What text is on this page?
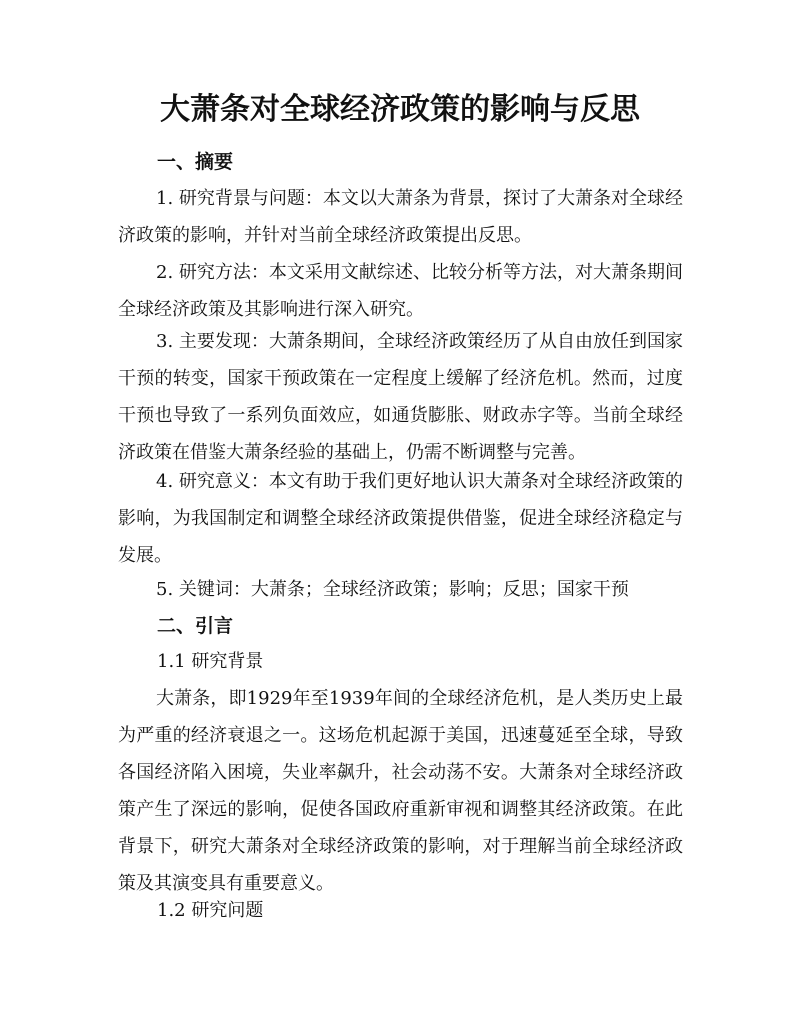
大萧条对全球经济政策的影响与反思
一、摘要

1. 研究背景与问题：本文以大萧条为背景，探讨了大萧条对全球经济政策的影响，并针对当前全球经济政策提出反思。

2. 研究方法：本文采用文献综述、比较分析等方法，对大萧条期间全球经济政策及其影响进行深入研究。

3. 主要发现：大萧条期间，全球经济政策经历了从自由放任到国家干预的转变，国家干预政策在一定程度上缓解了经济危机。然而，过度干预也导致了一系列负面效应，如通货膨胀、财政赤字等。当前全球经济政策在借鉴大萧条经验的基础上，仍需不断调整与完善。

4. 研究意义：本文有助于我们更好地认识大萧条对全球经济政策的影响，为我国制定和调整全球经济政策提供借鉴，促进全球经济稳定与发展。

5. 关键词：大萧条；全球经济政策；影响；反思；国家干预

二、引言
1.1 研究背景

大萧条，即1929年至1939年间的全球经济危机，是人类历史上最为严重的经济衰退之一。这场危机起源于美国，迅速蔓延至全球，导致各国经济陷入困境，失业率飙升，社会动荡不安。大萧条对全球经济政策产生了深远的影响，促使各国政府重新审视和调整其经济政策。在此背景下，研究大萧条对全球经济政策的影响，对于理解当前全球经济政策及其演变具有重要意义。

1.2 研究问题
